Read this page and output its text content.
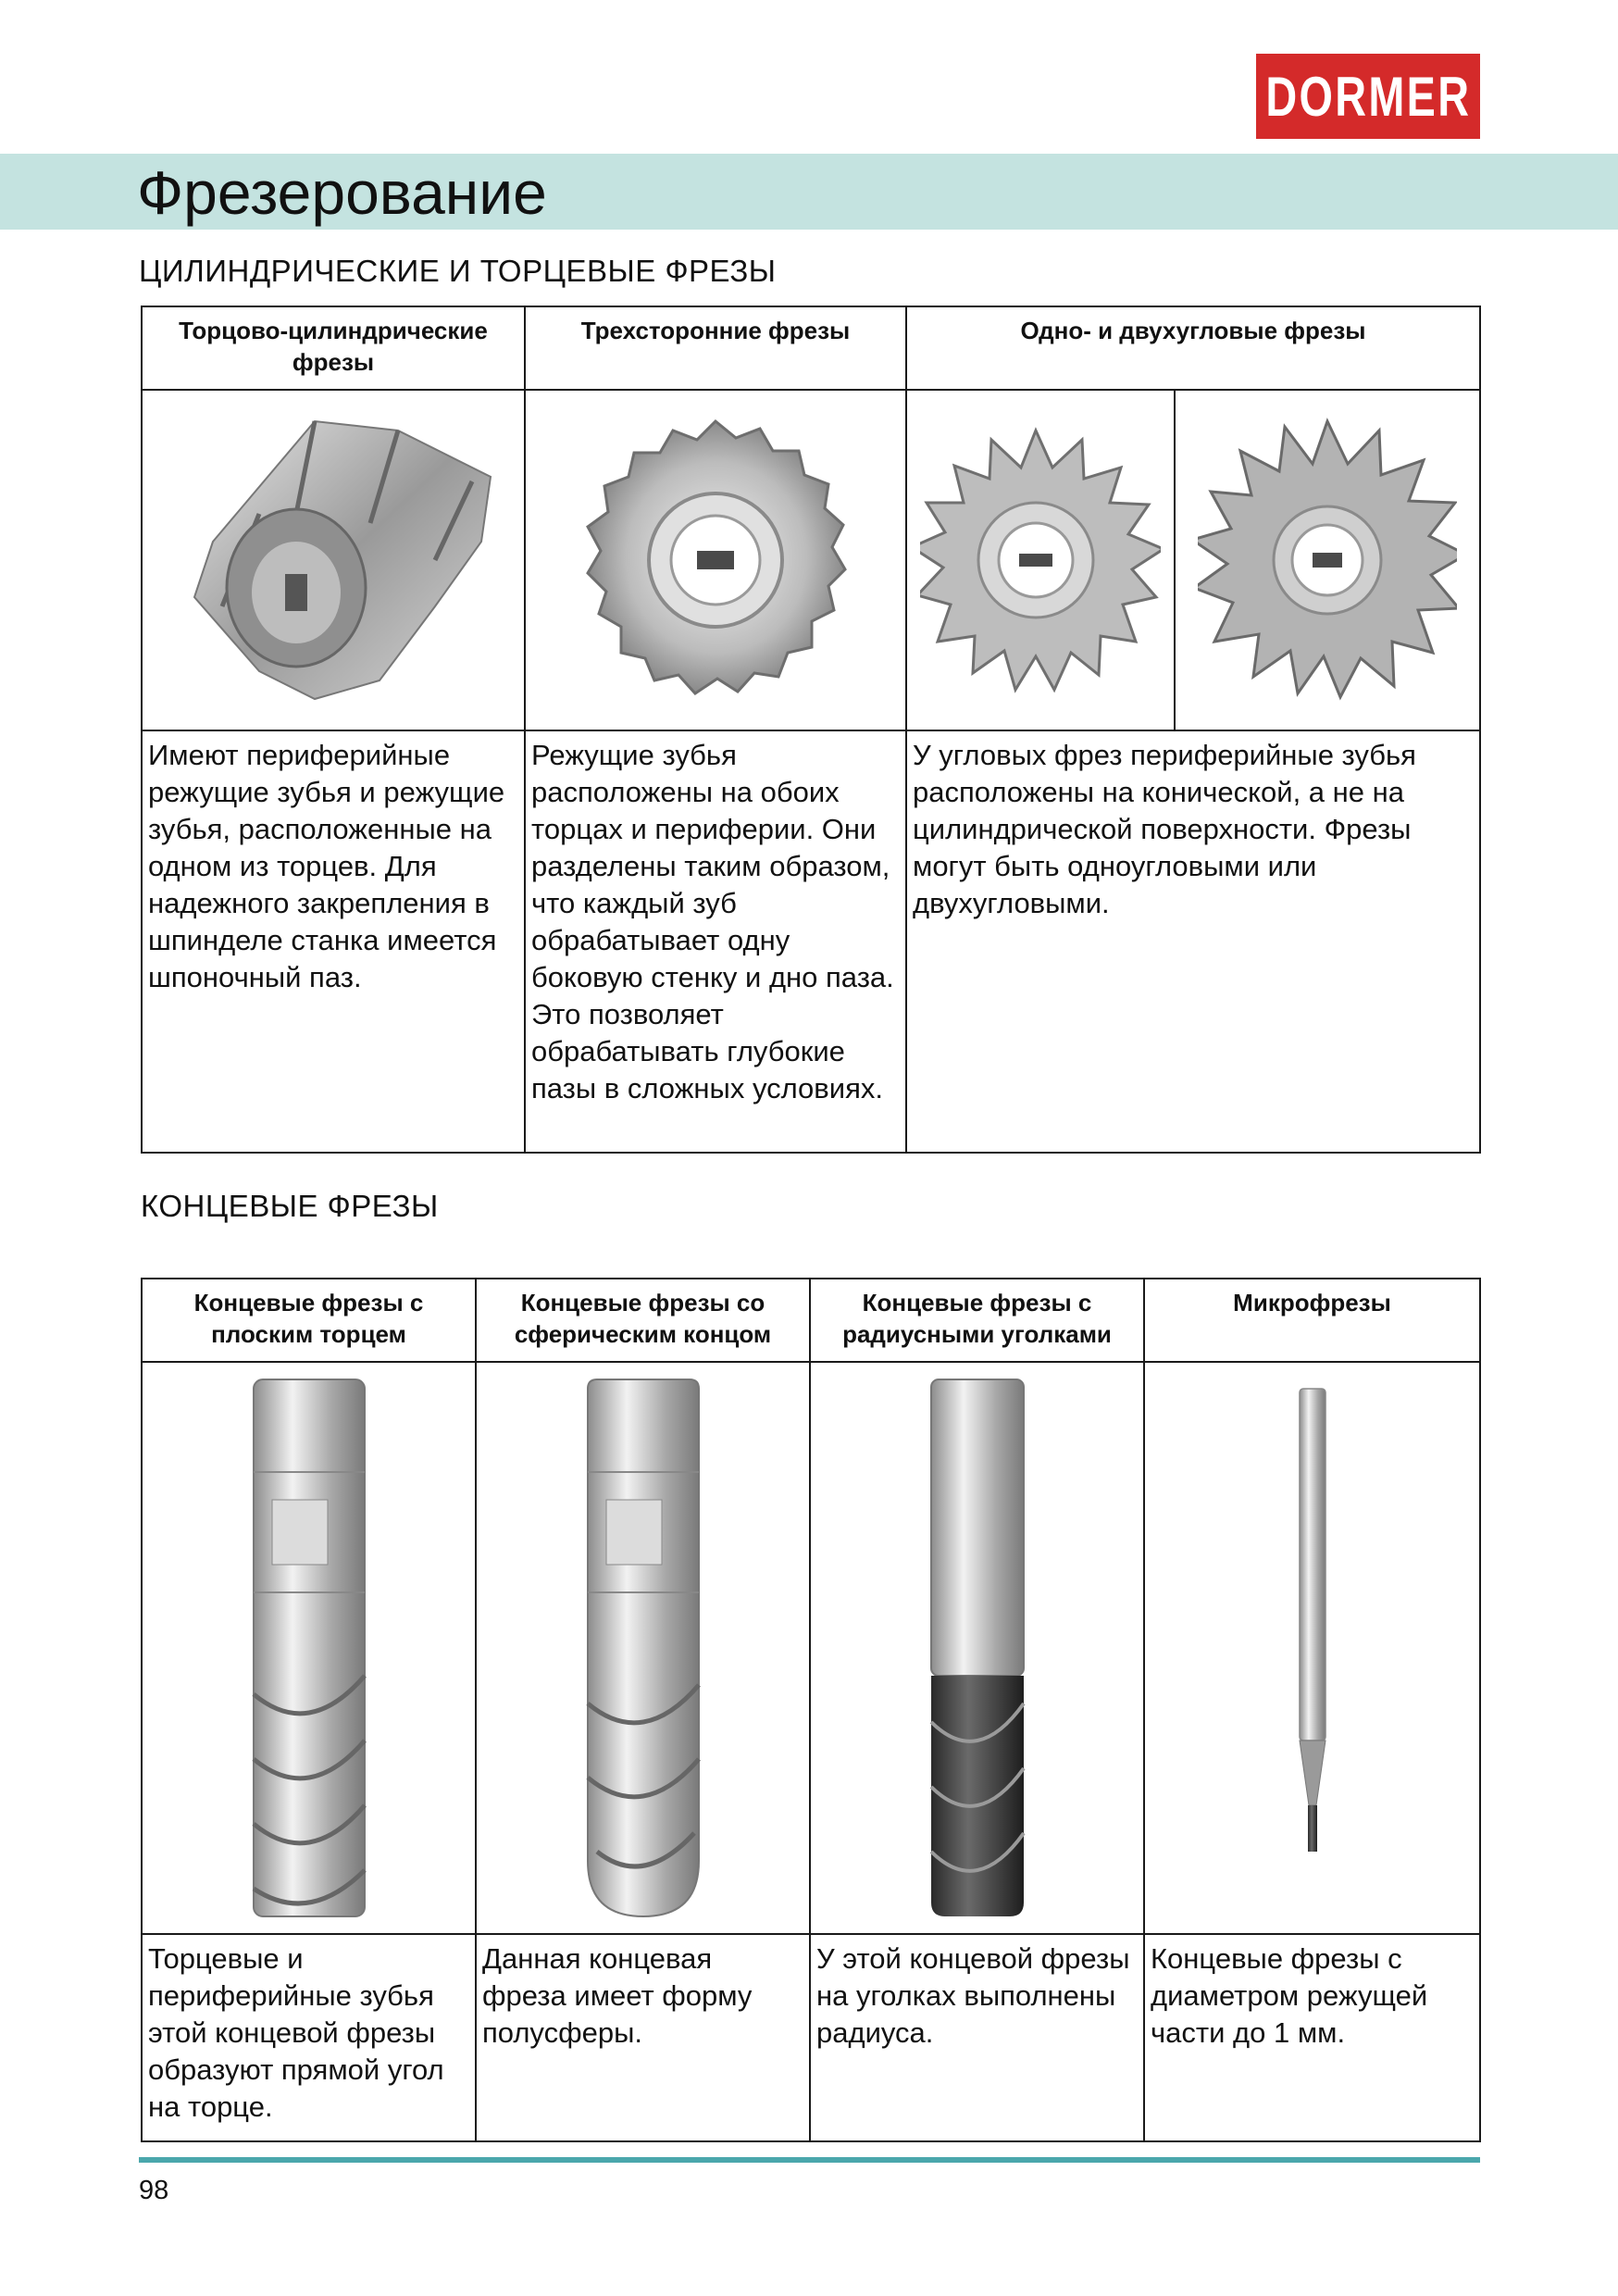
DORMER
Фрезерование
ЦИЛИНДРИЧЕСКИЕ И ТОРЦЕВЫЕ ФРЕЗЫ
Торцово-цилиндрические фрезы	Трехсторонние фрезы	Одно- и двухугловые фрезы	

Имеют периферийные режущие зубья и режущие зубья, расположенные на одном из торцев. Для надежного закрепления в шпинделе станка имеется шпоночный паз.	Режущие зубья расположены на обоих торцах и периферии. Они разделены таким образом, что каждый зуб обрабатывает одну боковую стенку и дно паза. Это позволяет обрабатывать глубокие пазы в сложных условиях.	У угловых фрез периферийные зубья расположены на конической, а не на цилиндрической поверхности. Фрезы могут быть одноугловыми или двухугловыми.	
КОНЦЕВЫЕ ФРЕЗЫ
Концевые фрезы с плоским торцем	Концевые фрезы со сферическим концом	Концевые фрезы с радиусными уголками	Микрофрезы

Торцевые и периферийные зубья этой концевой фрезы образуют прямой угол на торце.	Данная концевая фреза имеет форму полусферы.	У этой концевой фрезы на уголках выполнены радиуса.	Концевые фрезы с диаметром режущей части до 1 мм.
98
